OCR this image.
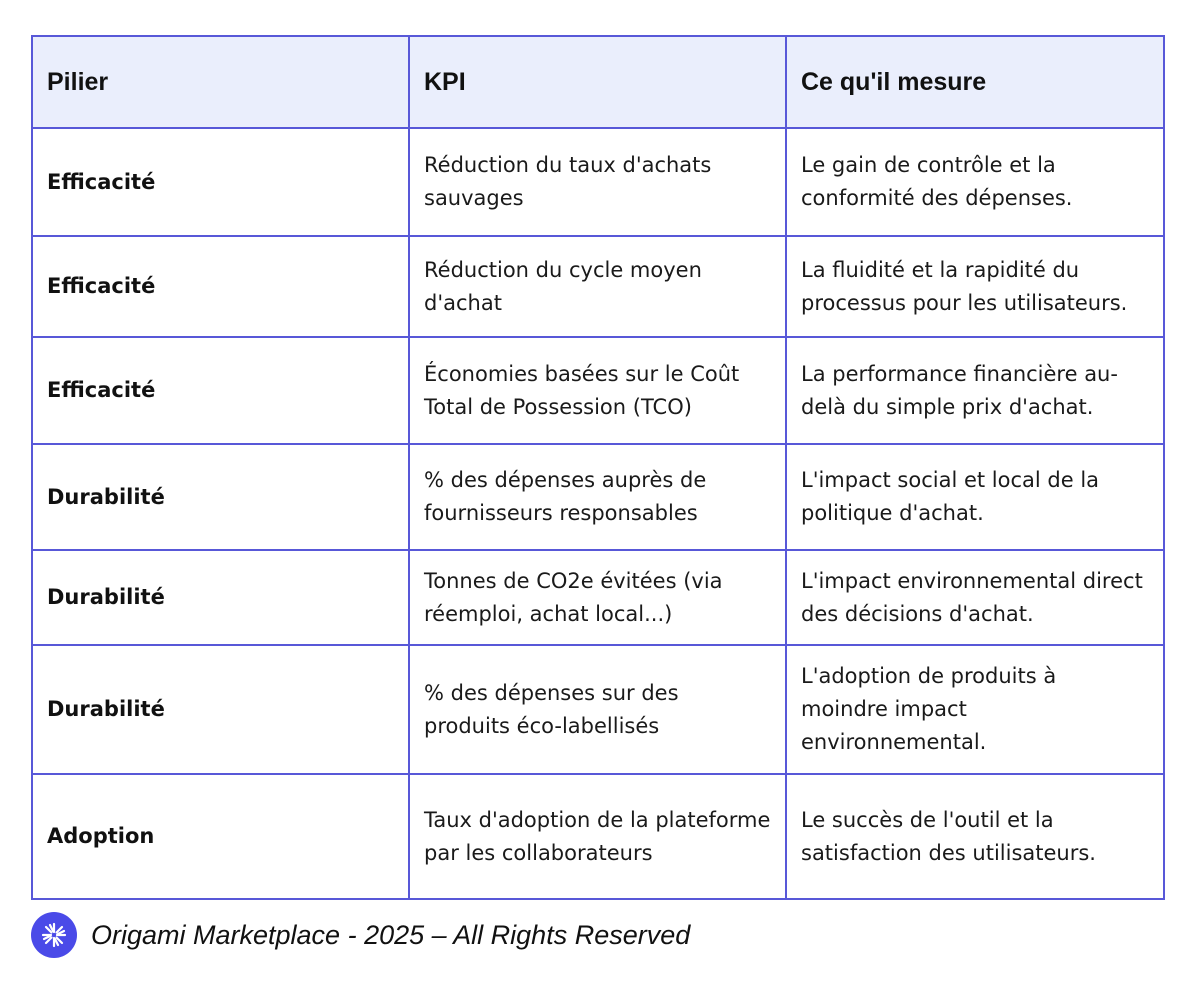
Pilier	KPI	Ce qu'il mesure
Efficacité	Réduction du taux d'achats sauvages	Le gain de contrôle et la conformité des dépenses.
Efficacité	Réduction du cycle moyen d'achat	La fluidité et la rapidité du processus pour les utilisateurs.
Efficacité	Économies basées sur le Coût Total de Possession (TCO)	La performance financière au-delà du simple prix d'achat.
Durabilité	% des dépenses auprès de fournisseurs responsables	L'impact social et local de la politique d'achat.
Durabilité	Tonnes de CO2e évitées (via réemploi, achat local...)	L'impact environnemental direct des décisions d'achat.
Durabilité	% des dépenses sur des produits éco-labellisés	L'adoption de produits à moindre impact environnemental.
Adoption	Taux d'adoption de la plateforme par les collaborateurs	Le succès de l'outil et la satisfaction des utilisateurs.
Origami Marketplace - 2025 – All Rights Reserved
